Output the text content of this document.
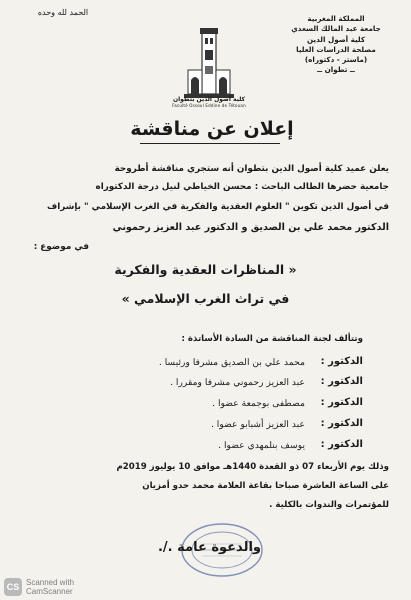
المملكة المغربية
جامعة عبد المالك السعدي
كلية أصول الدين
مصلحة الدراسات العليا
(ماستر - دكتوراه)
ــ تطوان ــ
الحمد لله وحده
كلية أصول الدين بتطوان
Faculté Ossoul Eddine de Tétouan
إعلان عن مناقشة
يعلن عميد كلية أصول الدين بتطوان أنه ستجري مناقشة أطروحة
جامعية حضرها الطالب الباحث : محسن الخياطي لنيل درجة الدكتوراه
في أصول الدين تكوين " العلوم العقدية والفكرية في الغرب الإسلامي " بإشراف
الدكتور محمد علي بن الصديق و الدكتور عبد العزيز رحموني
في موضوع :
« المناظرات العقدية والفكرية
في تراث الغرب الإسلامي »
وتتألف لجنة المناقشة من السادة الأساتذة :
الدكتور :
محمد علي بن الصديق مشرفا ورئيسا .
الدكتور :
عبد العزيز رحموني مشرفا ومقررا .
الدكتور :
مصطفى بوجمعة عضوا .
الدكتور :
عبد العزيز أشبابو عضوا .
الدكتور :
يوسف بنلمهدي عضوا .
وذلك يوم الأربعاء 07 ذو القعدة 1440هـ موافق 10 يوليوز 2019م
على الساعة العاشرة صباحا بقاعة العلامة محمد حدو أمزيان
للمؤتمرات والندوات بالكلية .
والدعوة عامة ./.
CS Scanned with
CamScanner
